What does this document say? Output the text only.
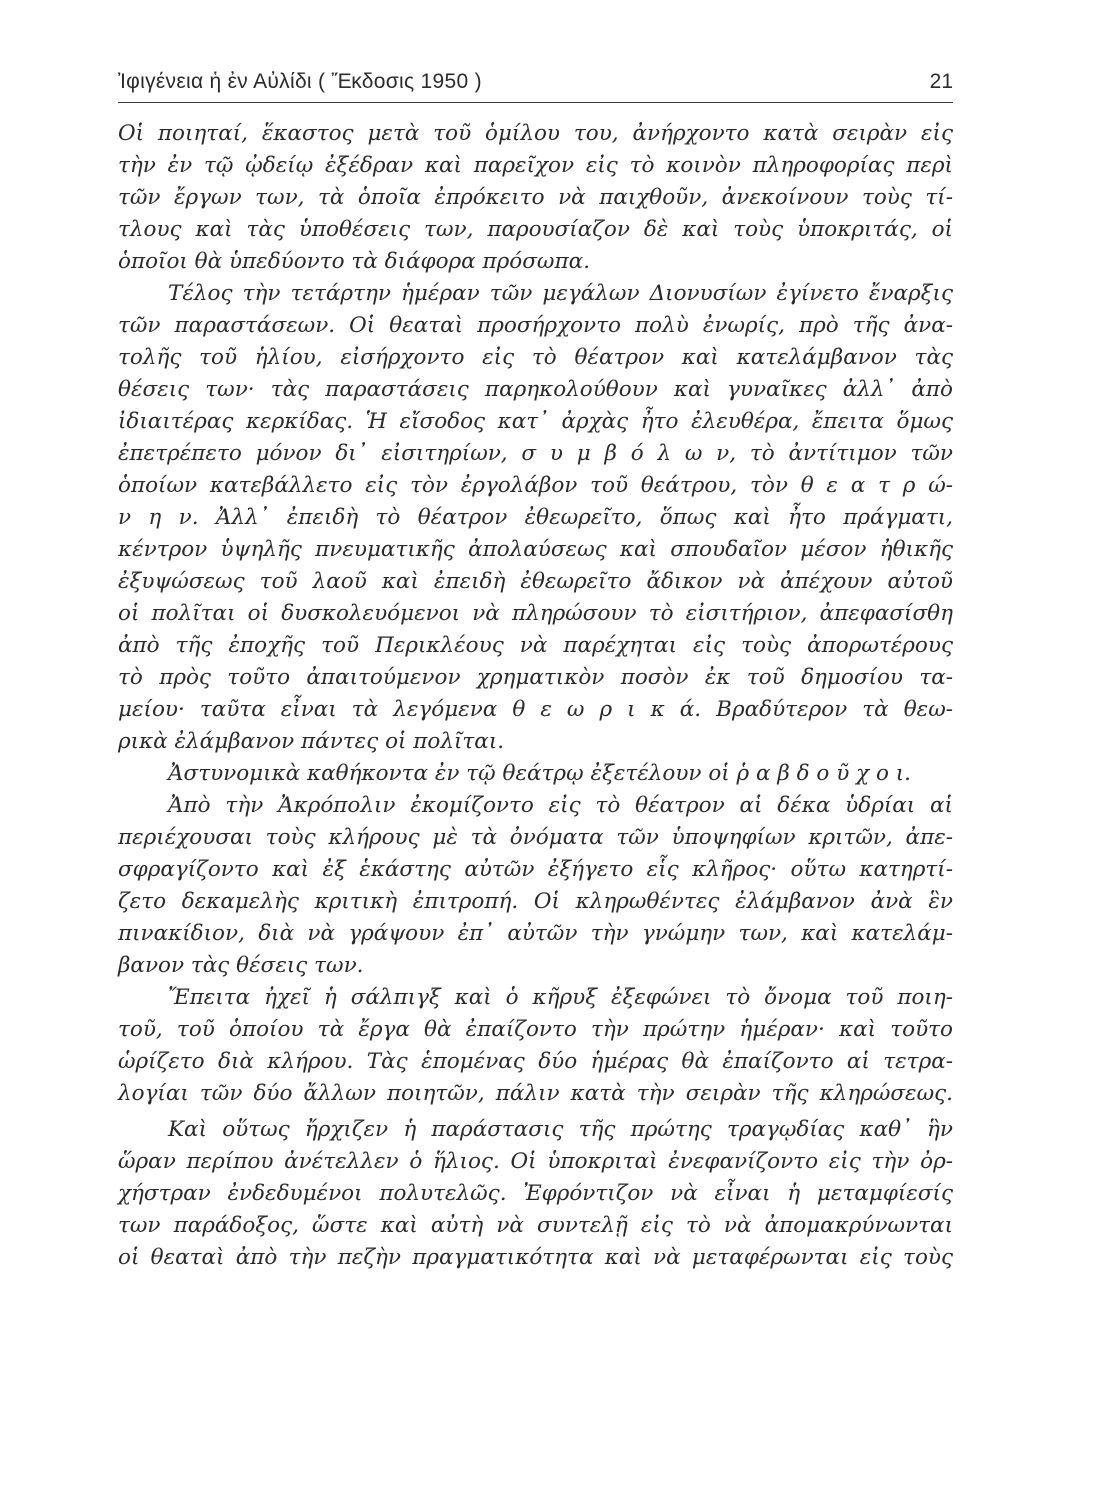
Ἰφιγένεια ἡ ἐν Αὐλίδι ( Ἔκδοσις 1950 )	21
Οἱ ποιηταί, ἕκαστος μετὰ τοῦ ὁμίλου του, ἀνήρχοντο κατὰ σειρὰν εἰς
τὴν ἐν τῷ ᾠδείῳ ἐξέδραν καὶ παρεῖχον εἰς τὸ κοινὸν πληροφορίας περὶ
τῶν ἔργων των, τὰ ὁποῖα ἐπρόκειτο νὰ παιχθοῦν, ἀνεκοίνουν τοὺς τί-
τλους καὶ τὰς ὑποθέσεις των, παρουσίαζον δὲ καὶ τοὺς ὑποκριτάς, οἱ
ὁποῖοι θὰ ὑπεδύοντο τὰ διάφορα πρόσωπα.
Τέλος τὴν τετάρτην ἡμέραν τῶν μεγάλων Διονυσίων ἐγίνετο ἔναρξις
τῶν παραστάσεων. Οἱ θεαταὶ προσήρχοντο πολὺ ἐνωρίς, πρὸ τῆς ἀνα-
τολῆς τοῦ ἡλίου, εἰσήρχοντο εἰς τὸ θέατρον καὶ κατελάμβανον τὰς
θέσεις των· τὰς παραστάσεις παρηκολούθουν καὶ γυναῖκες ἀλλ᾽ ἀπὸ
ἰδιαιτέρας κερκίδας. Ἡ εἴσοδος κατ᾽ ἀρχὰς ἦτο ἐλευθέρα, ἔπειτα ὅμως
ἐπετρέπετο μόνον δι᾽ εἰσιτηρίων, σ υ μ β ό λ ω ν, τὸ ἀντίτιμον τῶν
ὁποίων κατεβάλλετο εἰς τὸν ἐργολάβον τοῦ θεάτρου, τὸν θ ε α τ ρ ώ-
ν η ν. Ἀλλ᾽ ἐπειδὴ τὸ θέατρον ἐθεωρεῖτο, ὅπως καὶ ἦτο πράγματι,
κέντρον ὑψηλῆς πνευματικῆς ἀπολαύσεως καὶ σπουδαῖον μέσον ἠθικῆς
ἐξυψώσεως τοῦ λαοῦ καὶ ἐπειδὴ ἐθεωρεῖτο ἄδικον νὰ ἀπέχουν αὐτοῦ
οἱ πολῖται οἱ δυσκολευόμενοι νὰ πληρώσουν τὸ εἰσιτήριον, ἀπεφασίσθη
ἀπὸ τῆς ἐποχῆς τοῦ Περικλέους νὰ παρέχηται εἰς τοὺς ἀπορωτέρους
τὸ πρὸς τοῦτο ἀπαιτούμενον χρηματικὸν ποσὸν ἐκ τοῦ δημοσίου τα-
μείου· ταῦτα εἶναι τὰ λεγόμενα θ ε ω ρ ι κ ά. Βραδύτερον τὰ θεω-
ρικὰ ἐλάμβανον πάντες οἱ πολῖται.
Ἀστυνομικὰ καθήκοντα ἐν τῷ θεάτρῳ ἐξετέλουν οἱ ῥ α β δ ο ῦ χ ο ι.
Ἀπὸ τὴν Ἀκρόπολιν ἐκομίζοντο εἰς τὸ θέατρον αἱ δέκα ὑδρίαι αἱ
περιέχουσαι τοὺς κλήρους μὲ τὰ ὀνόματα τῶν ὑποψηφίων κριτῶν, ἀπε-
σφραγίζοντο καὶ ἐξ ἑκάστης αὐτῶν ἐξήγετο εἷς κλῆρος· οὕτω κατηρτί-
ζετο δεκαμελὴς κριτικὴ ἐπιτροπή. Οἱ κληρωθέντες ἐλάμβανον ἀνὰ ἓν
πινακίδιον, διὰ νὰ γράψουν ἐπ᾽ αὐτῶν τὴν γνώμην των, καὶ κατελάμ-
βανον τὰς θέσεις των.
Ἔπειτα ἠχεῖ ἡ σάλπιγξ καὶ ὁ κῆρυξ ἐξεφώνει τὸ ὄνομα τοῦ ποιη-
τοῦ, τοῦ ὁποίου τὰ ἔργα θὰ ἐπαίζοντο τὴν πρώτην ἡμέραν· καὶ τοῦτο
ὡρίζετο διὰ κλήρου. Τὰς ἑπομένας δύο ἡμέρας θὰ ἐπαίζοντο αἱ τετρα-
λογίαι τῶν δύο ἄλλων ποιητῶν, πάλιν κατὰ τὴν σειρὰν τῆς κληρώσεως.
Καὶ οὕτως ἤρχιζεν ἡ παράστασις τῆς πρώτης τραγῳδίας καθ᾽ ἣν
ὥραν περίπου ἀνέτελλεν ὁ ἥλιος. Οἱ ὑποκριταὶ ἐνεφανίζοντο εἰς τὴν ὀρ-
χήστραν ἐνδεδυμένοι πολυτελῶς. Ἐφρόντιζον νὰ εἶναι ἡ μεταμφίεσίς
των παράδοξος, ὥστε καὶ αὐτὴ νὰ συντελῇ εἰς τὸ νὰ ἀπομακρύνωνται
οἱ θεαταὶ ἀπὸ τὴν πεζὴν πραγματικότητα καὶ νὰ μεταφέρωνται εἰς τοὺς
